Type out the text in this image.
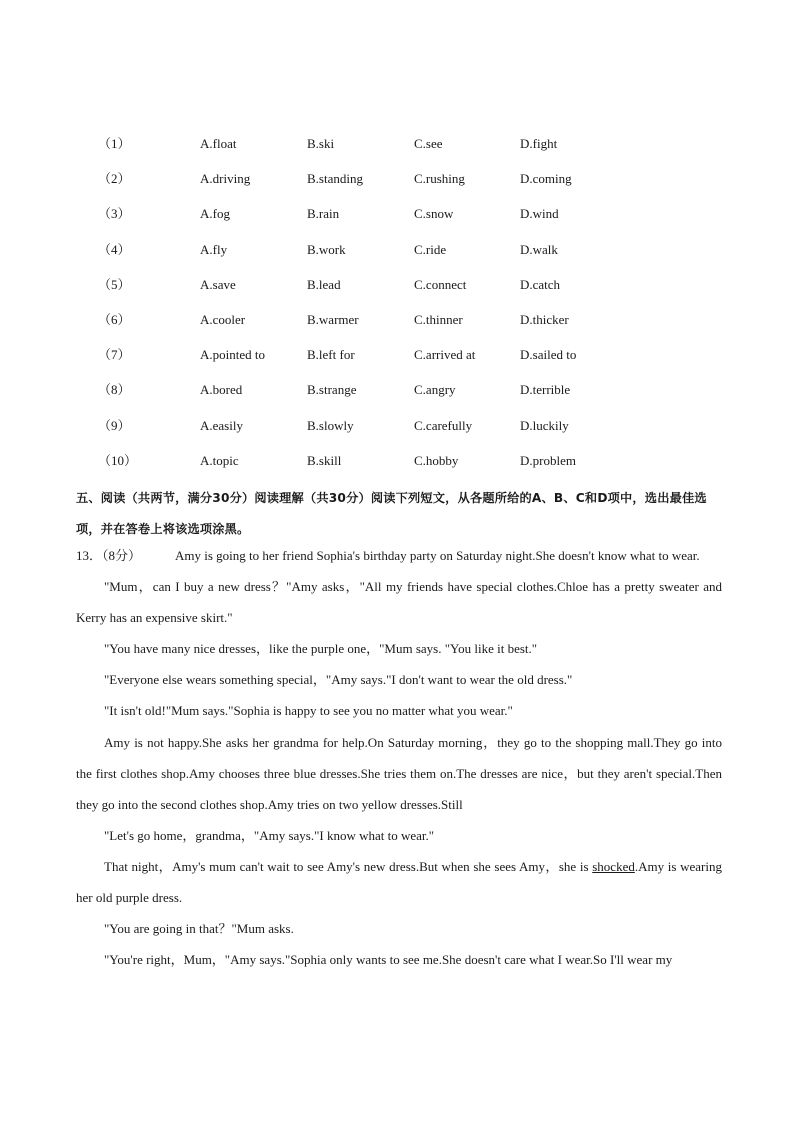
（1）	A.float	B.ski	C.see	D.fight
（2）	A.driving	B.standing	C.rushing	D.coming
（3）	A.fog	B.rain	C.snow	D.wind
（4）	A.fly	B.work	C.ride	D.walk
（5）	A.save	B.lead	C.connect	D.catch
（6）	A.cooler	B.warmer	C.thinner	D.thicker
（7）	A.pointed to	B.left for	C.arrived at	D.sailed to
（8）	A.bored	B.strange	C.angry	D.terrible
（9）	A.easily	B.slowly	C.carefully	D.luckily
（10）	A.topic	B.skill	C.hobby	D.problem

五、阅读（共两节，满分30分）阅读理解（共30分）阅读下列短文，从各题所给的A、B、C和D项中，选出最佳选项，并在答卷上将该选项涂黑。

13．（8分）	Amy is going to her friend Sophia's birthday party on Saturday night.She doesn't know what to wear.

"Mum，can I buy a new dress？"Amy asks，"All my friends have special clothes.Chloe has a pretty sweater and Kerry has an expensive skirt."

"You have many nice dresses，like the purple one，"Mum says. "You like it best."

"Everyone else wears something special，"Amy says."I don't want to wear the old dress."

"It isn't old!"Mum says."Sophia is happy to see you no matter what you wear."

Amy is not happy.She asks her grandma for help.On Saturday morning，they go to the shopping mall.They go into the first clothes shop.Amy chooses three blue dresses.She tries them on.The dresses are nice，but they aren't special.Then they go into the second clothes shop.Amy tries on two yellow dresses.Still

"Let's go home，grandma，"Amy says."I know what to wear."

That night，Amy's mum can't wait to see Amy's new dress.But when she sees Amy，she is shocked.Amy is wearing her old purple dress.

"You are going in that？"Mum asks.

"You're right，Mum，"Amy says."Sophia only wants to see me.She doesn't care what I wear.So I'll wear my
